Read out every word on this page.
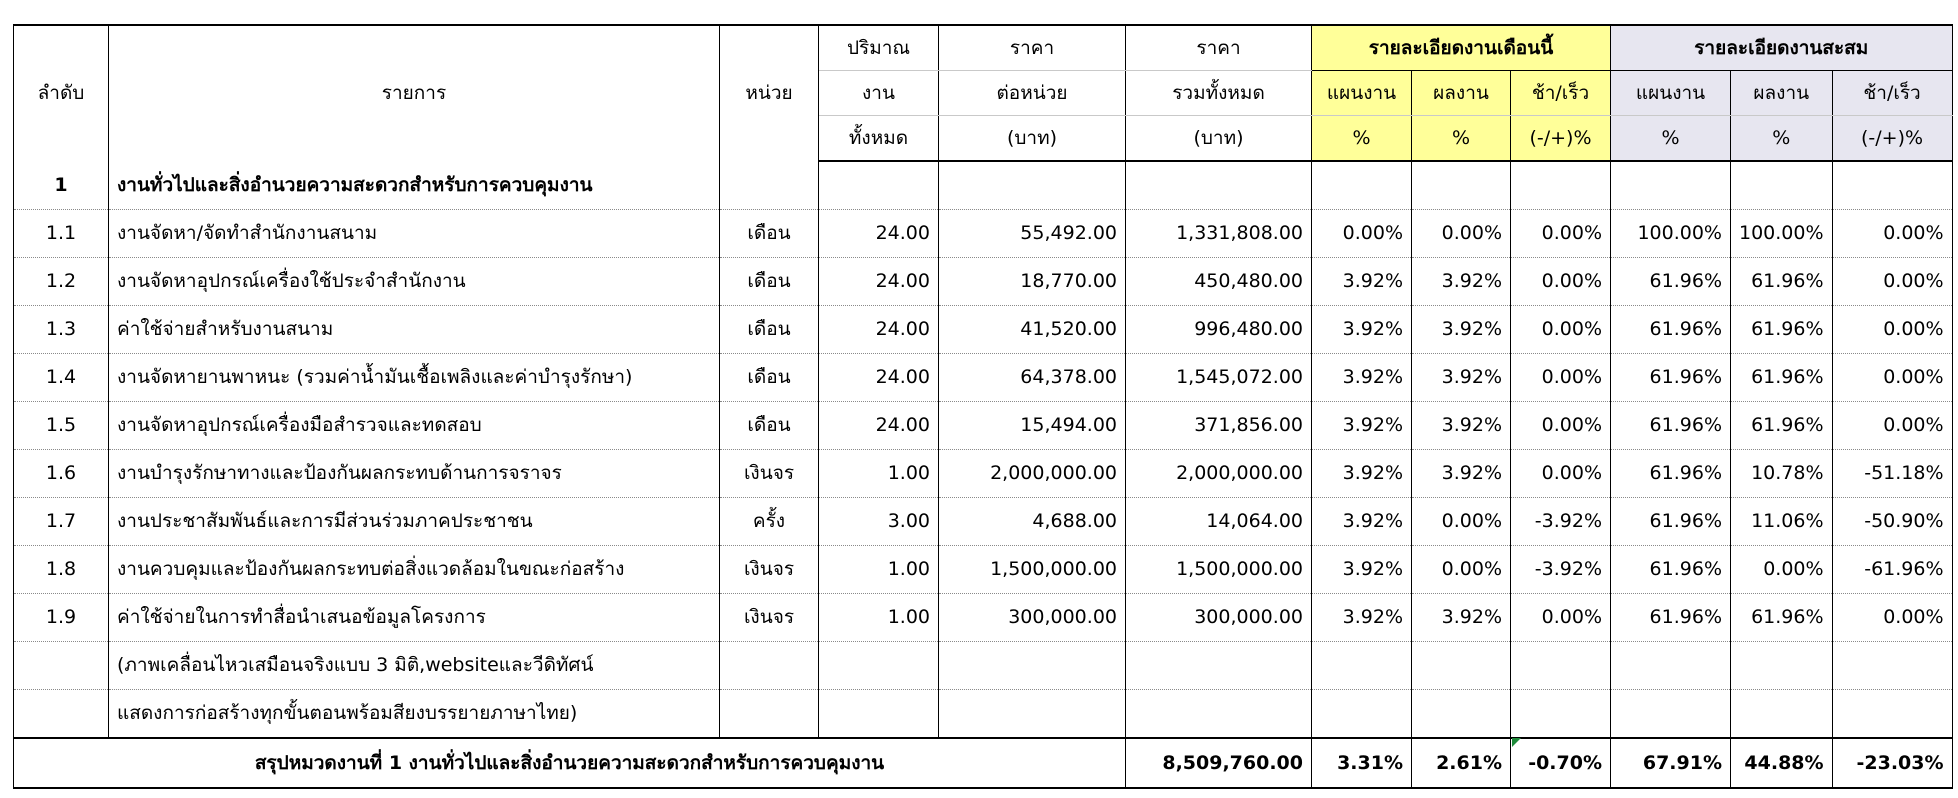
ลำดับ	รายการ	หน่วย	ปริมาณ	ราคา	ราคา	รายละเอียดงานเดือนนี้			รายละเอียดงานสะสม		
			งาน	ต่อหน่วย	รวมทั้งหมด	แผนงาน	ผลงาน	ช้า/เร็ว	แผนงาน	ผลงาน	ช้า/เร็ว
			ทั้งหมด	(บาท)	(บาท)	%	%	(-/+)%	%	%	(-/+)%
1	งานทั่วไปและสิ่งอำนวยความสะดวกสำหรับการควบคุมงาน										
1.1	งานจัดหา/จัดทำสำนักงานสนาม	เดือน	24.00	55,492.00	1,331,808.00	0.00%	0.00%	0.00%	100.00%	100.00%	0.00%
1.2	งานจัดหาอุปกรณ์เครื่องใช้ประจำสำนักงาน	เดือน	24.00	18,770.00	450,480.00	3.92%	3.92%	0.00%	61.96%	61.96%	0.00%
1.3	ค่าใช้จ่ายสำหรับงานสนาม	เดือน	24.00	41,520.00	996,480.00	3.92%	3.92%	0.00%	61.96%	61.96%	0.00%
1.4	งานจัดหายานพาหนะ (รวมค่าน้ำมันเชื้อเพลิงและค่าบำรุงรักษา)	เดือน	24.00	64,378.00	1,545,072.00	3.92%	3.92%	0.00%	61.96%	61.96%	0.00%
1.5	งานจัดหาอุปกรณ์เครื่องมือสำรวจและทดสอบ	เดือน	24.00	15,494.00	371,856.00	3.92%	3.92%	0.00%	61.96%	61.96%	0.00%
1.6	งานบำรุงรักษาทางและป้องกันผลกระทบด้านการจราจร	เงินจร	1.00	2,000,000.00	2,000,000.00	3.92%	3.92%	0.00%	61.96%	10.78%	-51.18%
1.7	งานประชาสัมพันธ์และการมีส่วนร่วมภาคประชาชน	ครั้ง	3.00	4,688.00	14,064.00	3.92%	0.00%	-3.92%	61.96%	11.06%	-50.90%
1.8	งานควบคุมและป้องกันผลกระทบต่อสิ่งแวดล้อมในขณะก่อสร้าง	เงินจร	1.00	1,500,000.00	1,500,000.00	3.92%	0.00%	-3.92%	61.96%	0.00%	-61.96%
1.9	ค่าใช้จ่ายในการทำสื่อนำเสนอข้อมูลโครงการ	เงินจร	1.00	300,000.00	300,000.00	3.92%	3.92%	0.00%	61.96%	61.96%	0.00%
	(ภาพเคลื่อนไหวเสมือนจริงแบบ 3 มิติ,websiteและวีดิทัศน์										
	แสดงการก่อสร้างทุกขั้นตอนพร้อมสียงบรรยายภาษาไทย)										
สรุปหมวดงานที่ 1 งานทั่วไปและสิ่งอำนวยความสะดวกสำหรับการควบคุมงาน					8,509,760.00	3.31%	2.61%	-0.70%	67.91%	44.88%	-23.03%
